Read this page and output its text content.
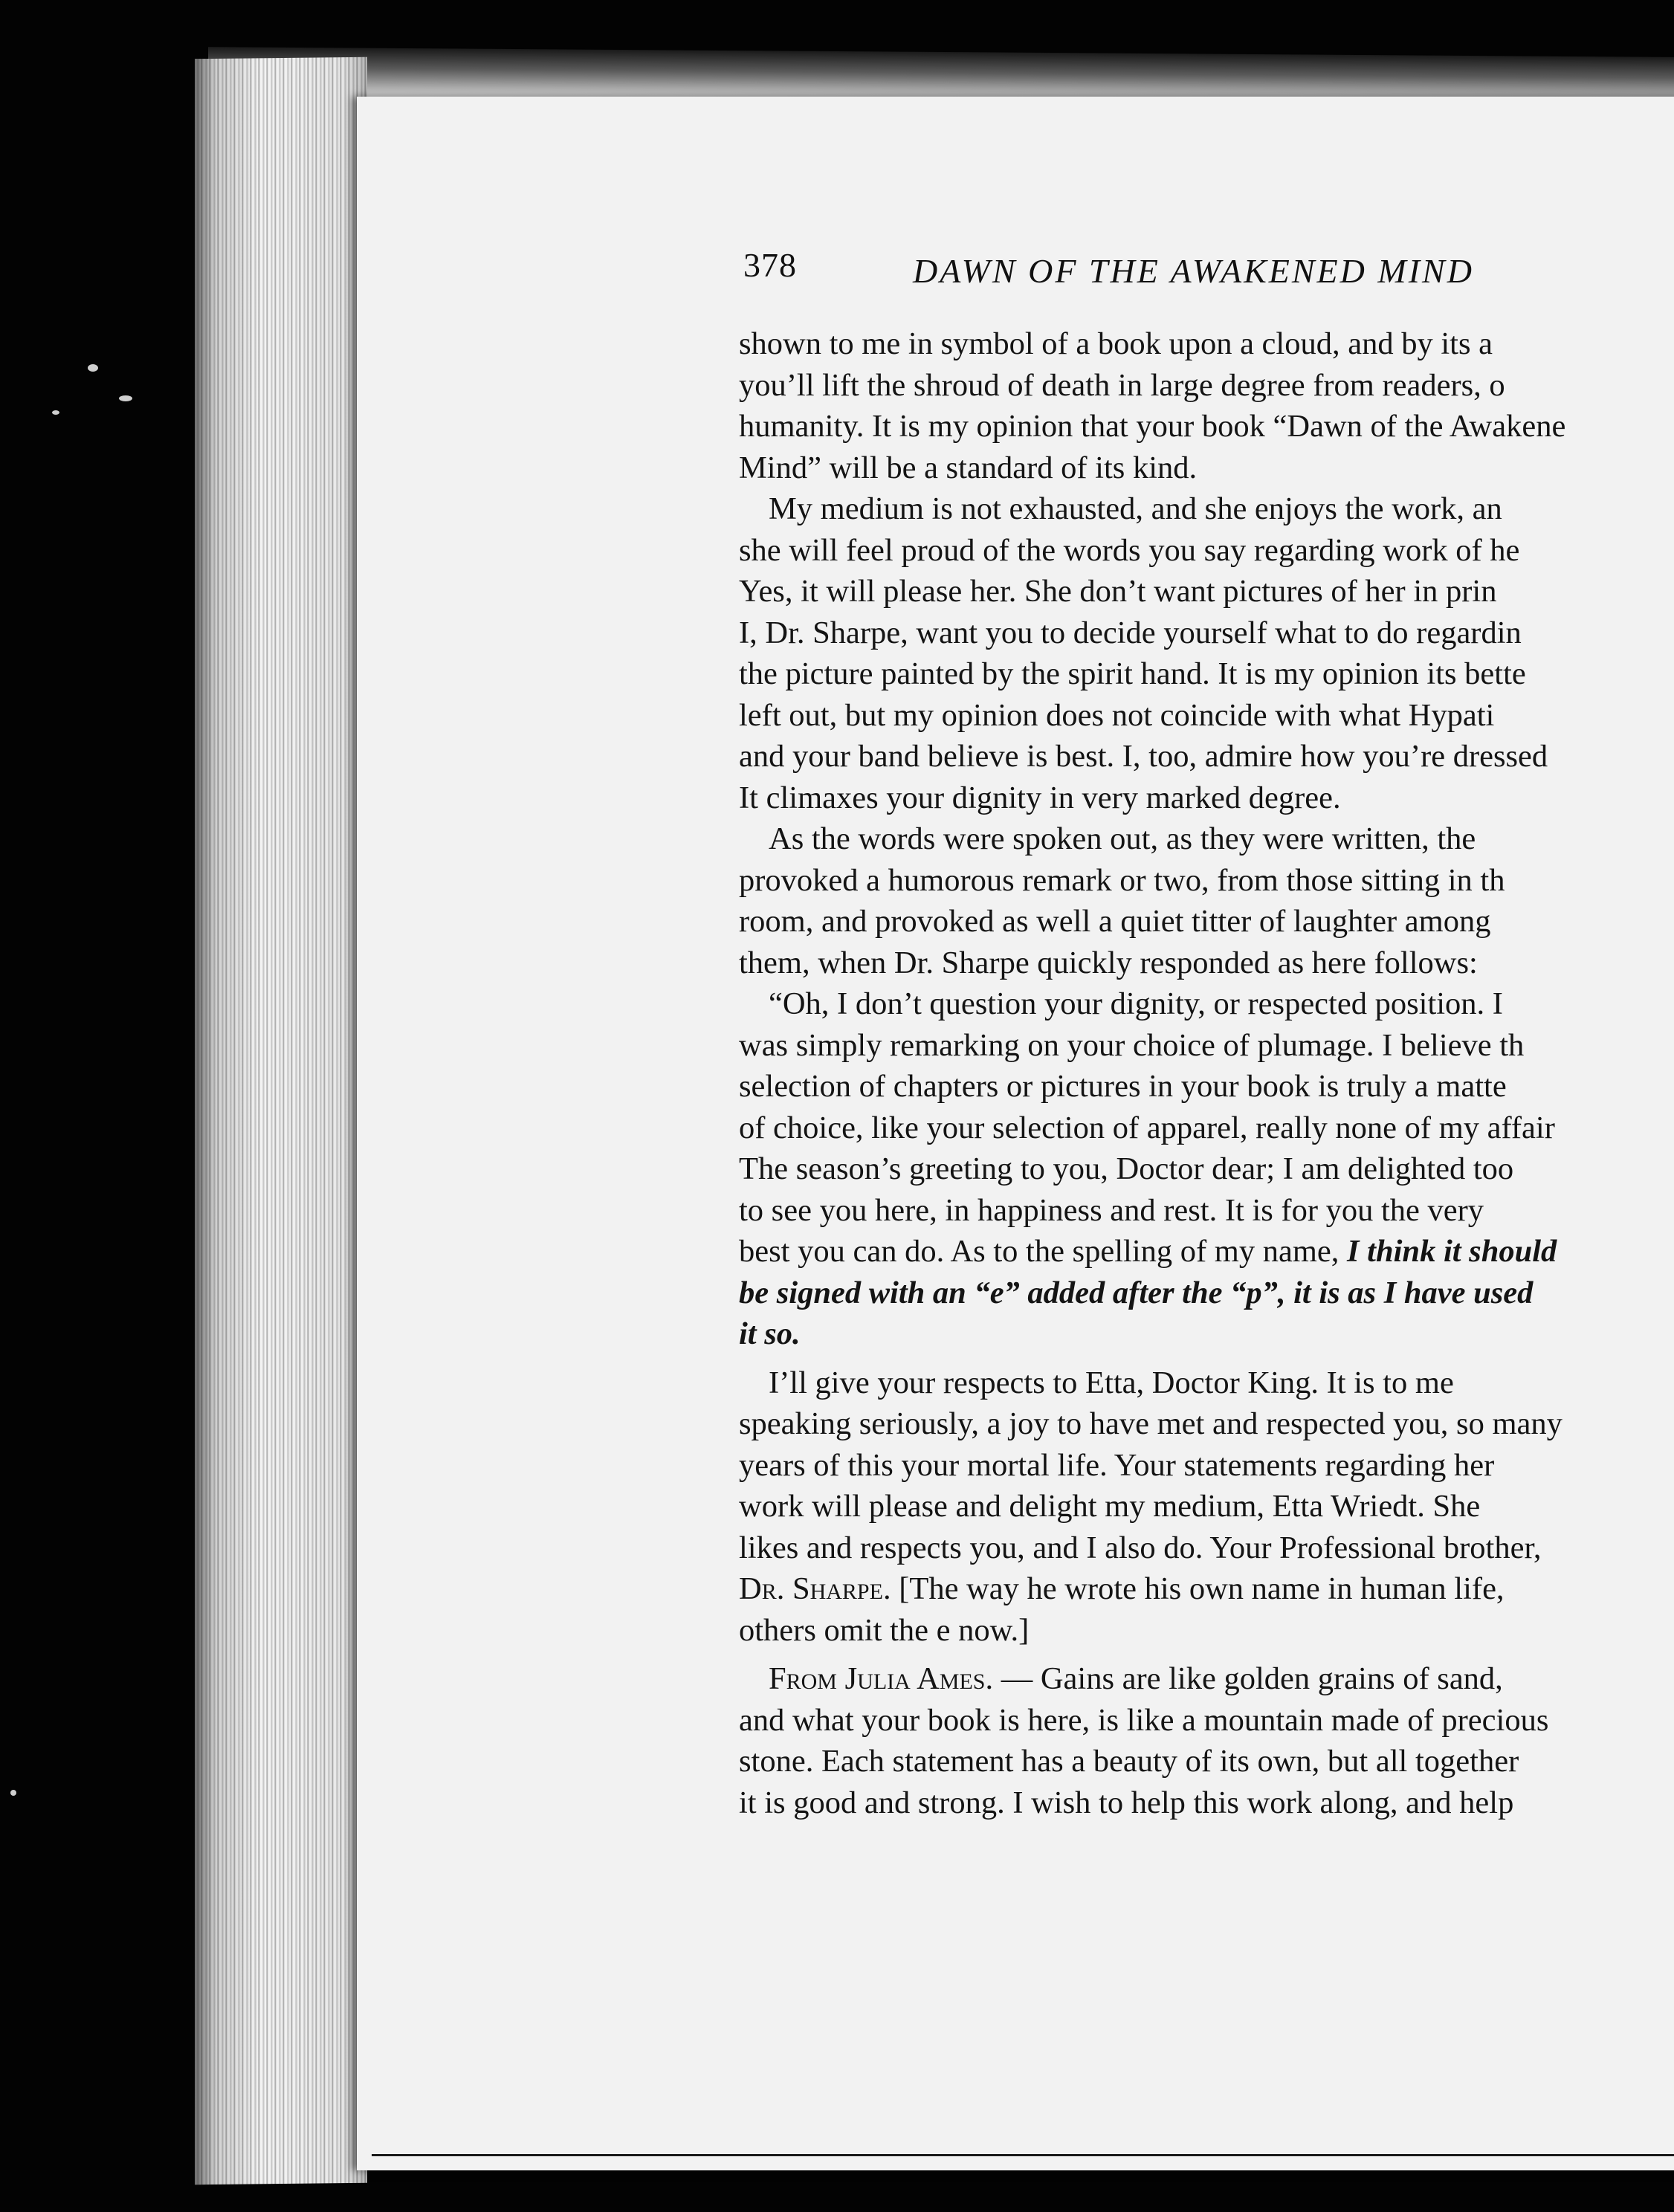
378	DAWN OF THE AWAKENED MIND
shown to me in symbol of a book upon a cloud, and by its a
you’ll lift the shroud of death in large degree from readers, o
humanity. It is my opinion that your book “Dawn of the Awakene
Mind” will be a standard of its kind.
My medium is not exhausted, and she enjoys the work, an
she will feel proud of the words you say regarding work of he
Yes, it will please her. She don’t want pictures of her in prin
I, Dr. Sharpe, want you to decide yourself what to do regardin
the picture painted by the spirit hand. It is my opinion its bette
left out, but my opinion does not coincide with what Hypati
and your band believe is best. I, too, admire how you’re dressed
It climaxes your dignity in very marked degree.
As the words were spoken out, as they were written, the
provoked a humorous remark or two, from those sitting in th
room, and provoked as well a quiet titter of laughter among
them, when Dr. Sharpe quickly responded as here follows:
“Oh, I don’t question your dignity, or respected position. I
was simply remarking on your choice of plumage. I believe th
selection of chapters or pictures in your book is truly a matte
of choice, like your selection of apparel, really none of my affair
The season’s greeting to you, Doctor dear; I am delighted too
to see you here, in happiness and rest. It is for you the very
best you can do. As to the spelling of my name, I think it should
be signed with an “e” added after the “p”, it is as I have used
it so.
I’ll give your respects to Etta, Doctor King. It is to me
speaking seriously, a joy to have met and respected you, so many
years of this your mortal life. Your statements regarding her
work will please and delight my medium, Etta Wriedt. She
likes and respects you, and I also do. Your Professional brother,
Dr. Sharpe. [The way he wrote his own name in human life,
others omit the e now.]
From Julia Ames. — Gains are like golden grains of sand,
and what your book is here, is like a mountain made of precious
stone. Each statement has a beauty of its own, but all together
it is good and strong. I wish to help this work along, and help
